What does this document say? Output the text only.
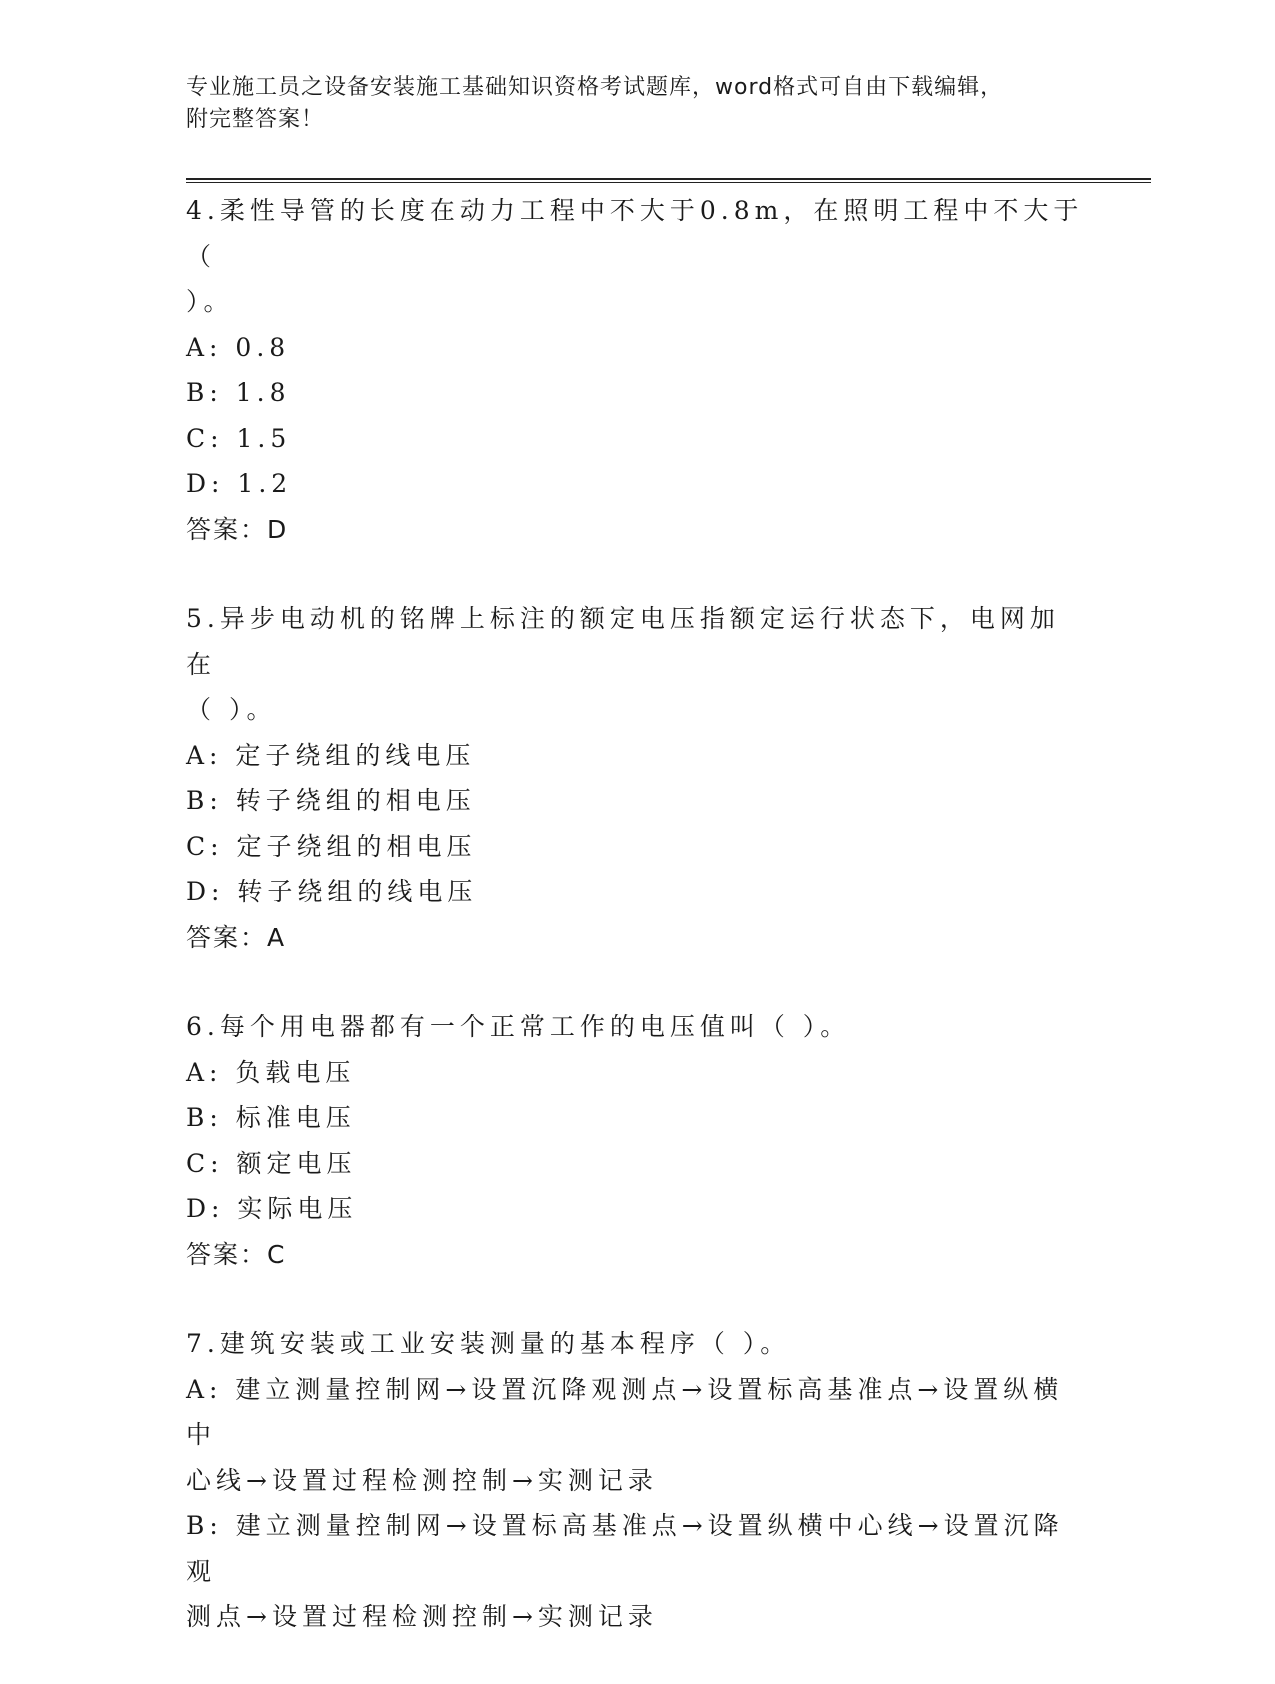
专业施工员之设备安装施工基础知识资格考试题库，word格式可自由下载编辑，
附完整答案！
4.柔性导管的长度在动力工程中不大于0.8m，在照明工程中不大于（
）。
A: 0.8
B: 1.8
C: 1.5
D: 1.2
答案：D
5.异步电动机的铭牌上标注的额定电压指额定运行状态下，电网加在
（ ）。
A: 定子绕组的线电压
B: 转子绕组的相电压
C: 定子绕组的相电压
D: 转子绕组的线电压
答案：A
6.每个用电器都有一个正常工作的电压值叫（ ）。
A: 负载电压
B: 标准电压
C: 额定电压
D: 实际电压
答案：C
7.建筑安装或工业安装测量的基本程序（ ）。
A: 建立测量控制网→设置沉降观测点→设置标高基准点→设置纵横中
心线→设置过程检测控制→实测记录
B: 建立测量控制网→设置标高基准点→设置纵横中心线→设置沉降观
测点→设置过程检测控制→实测记录
